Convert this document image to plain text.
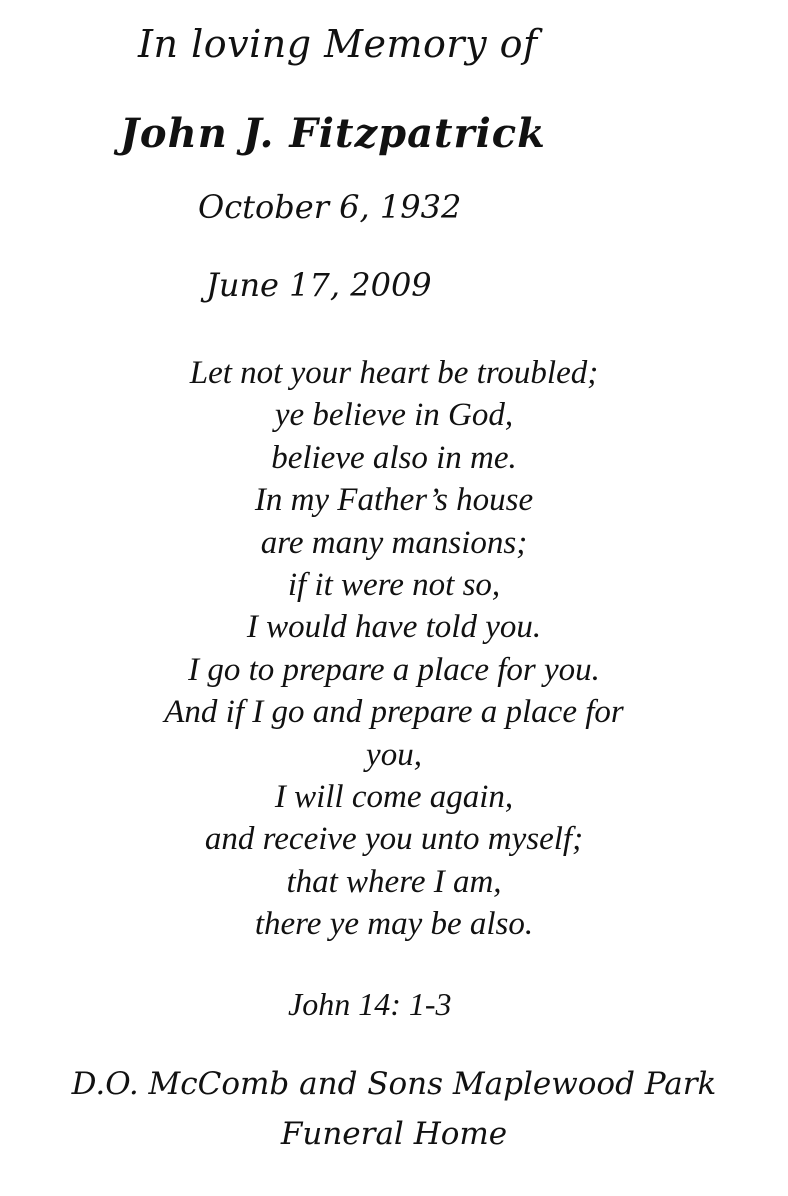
In loving Memory of
John J. Fitzpatrick
October 6, 1932
June 17, 2009
Let not your heart be troubled;
ye believe in God,
believe also in me.
In my Father’s house
are many mansions;
if it were not so,
I would have told you.
I go to prepare a place for you.
And if I go and prepare a place for
you,
I will come again,
and receive you unto myself;
that where I am,
there ye may be also.
John 14: 1-3
D.O. McComb and Sons Maplewood Park
Funeral Home
